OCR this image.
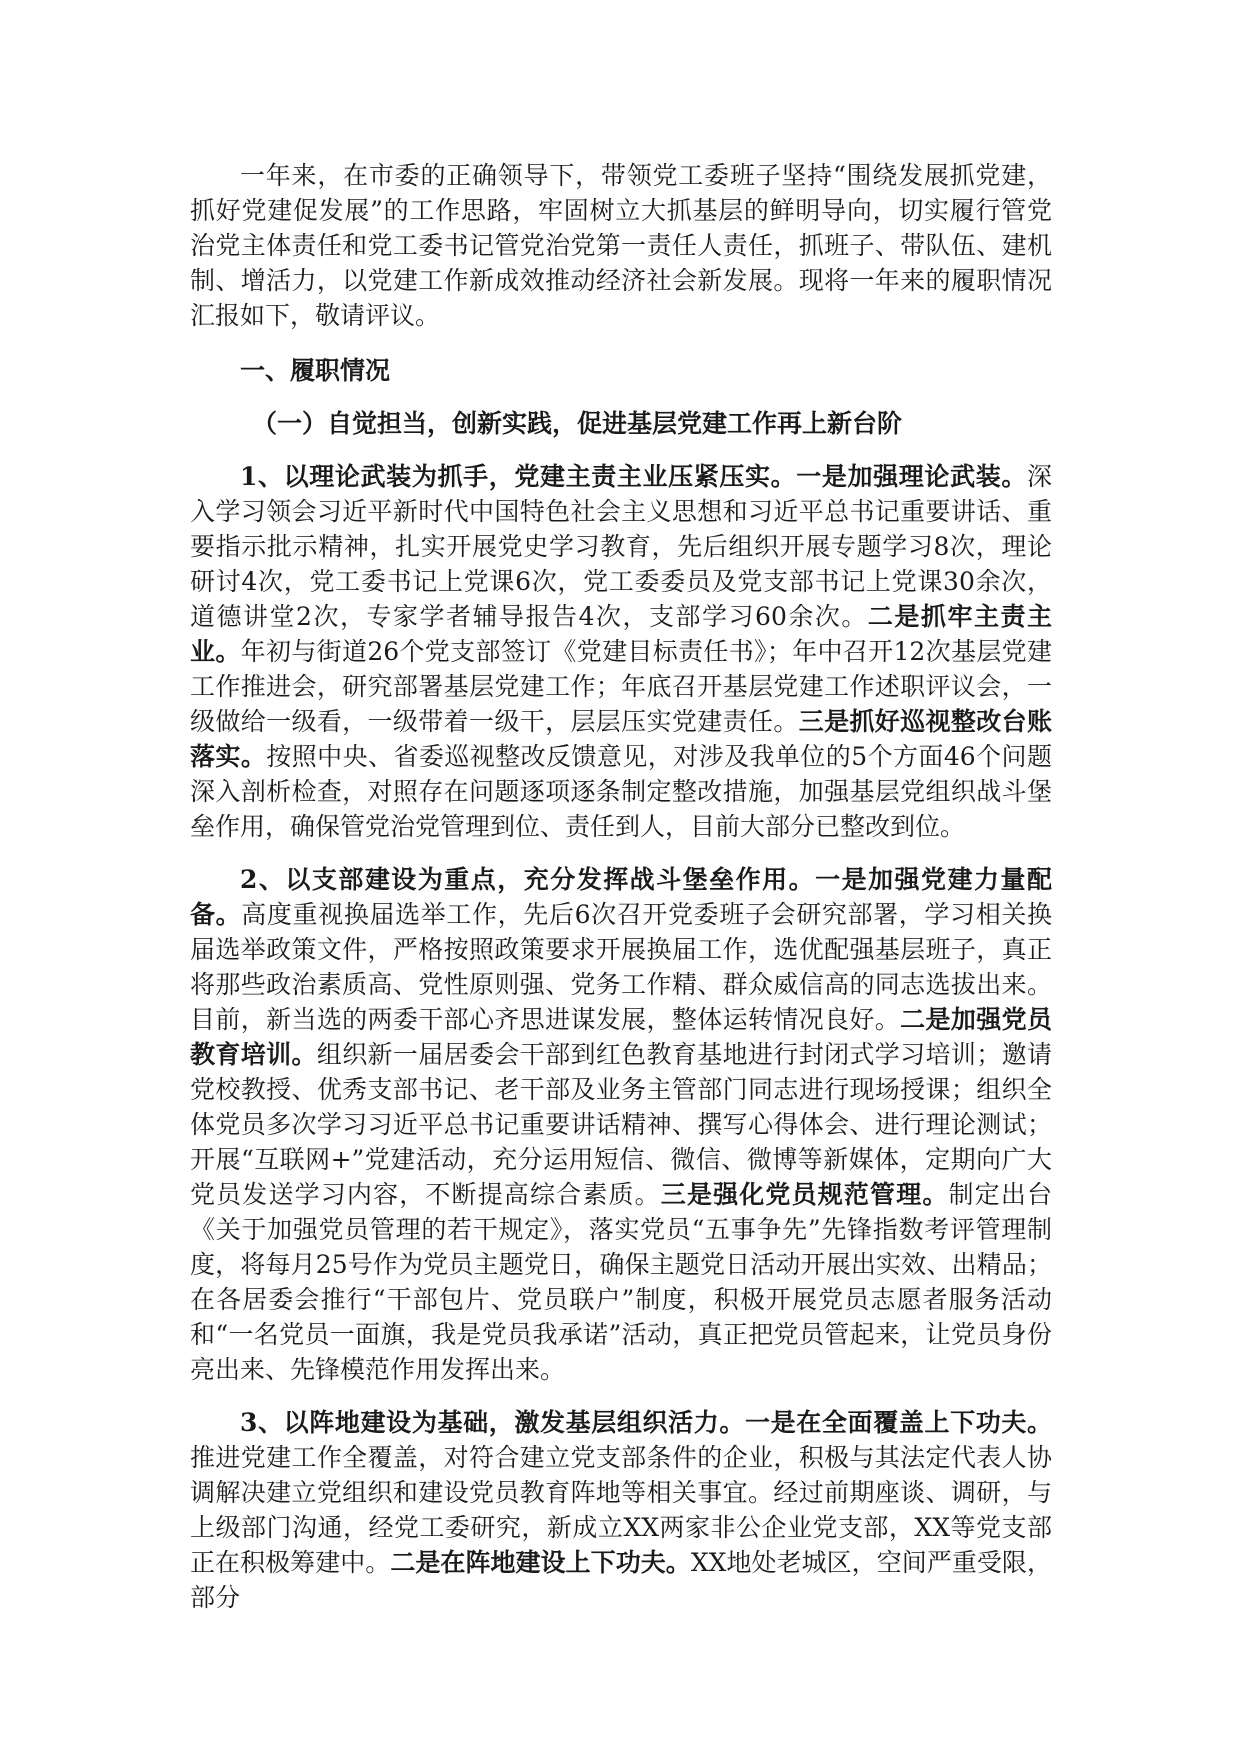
一年来，在市委的正确领导下，带领党工委班子坚持“围绕发展抓党建，抓好党建促发展”的工作思路，牢固树立大抓基层的鲜明导向，切实履行管党治党主体责任和党工委书记管党治党第一责任人责任，抓班子、带队伍、建机制、增活力，以党建工作新成效推动经济社会新发展。现将一年来的履职情况汇报如下，敬请评议。

一、履职情况

（一）自觉担当，创新实践，促进基层党建工作再上新台阶

1、以理论武装为抓手，党建主责主业压紧压实。一是加强理论武装。深入学习领会习近平新时代中国特色社会主义思想和习近平总书记重要讲话、重要指示批示精神，扎实开展党史学习教育，先后组织开展专题学习8次，理论研讨4次，党工委书记上党课6次，党工委委员及党支部书记上党课30余次，道德讲堂2次，专家学者辅导报告4次，支部学习60余次。二是抓牢主责主业。年初与街道26个党支部签订《党建目标责任书》；年中召开12次基层党建工作推进会，研究部署基层党建工作；年底召开基层党建工作述职评议会，一级做给一级看，一级带着一级干，层层压实党建责任。三是抓好巡视整改台账落实。按照中央、省委巡视整改反馈意见，对涉及我单位的5个方面46个问题深入剖析检查，对照存在问题逐项逐条制定整改措施，加强基层党组织战斗堡垒作用，确保管党治党管理到位、责任到人，目前大部分已整改到位。

2、以支部建设为重点，充分发挥战斗堡垒作用。一是加强党建力量配备。高度重视换届选举工作，先后6次召开党委班子会研究部署，学习相关换届选举政策文件，严格按照政策要求开展换届工作，选优配强基层班子，真正将那些政治素质高、党性原则强、党务工作精、群众威信高的同志选拔出来。目前，新当选的两委干部心齐思进谋发展，整体运转情况良好。二是加强党员教育培训。组织新一届居委会干部到红色教育基地进行封闭式学习培训；邀请党校教授、优秀支部书记、老干部及业务主管部门同志进行现场授课；组织全体党员多次学习习近平总书记重要讲话精神、撰写心得体会、进行理论测试；开展“互联网+”党建活动，充分运用短信、微信、微博等新媒体，定期向广大党员发送学习内容，不断提高综合素质。三是强化党员规范管理。制定出台《关于加强党员管理的若干规定》，落实党员“五事争先”先锋指数考评管理制度，将每月25号作为党员主题党日，确保主题党日活动开展出实效、出精品；在各居委会推行“干部包片、党员联户”制度，积极开展党员志愿者服务活动和“一名党员一面旗，我是党员我承诺”活动，真正把党员管起来，让党员身份亮出来、先锋模范作用发挥出来。

3、以阵地建设为基础，激发基层组织活力。一是在全面覆盖上下功夫。推进党建工作全覆盖，对符合建立党支部条件的企业，积极与其法定代表人协调解决建立党组织和建设党员教育阵地等相关事宜。经过前期座谈、调研，与上级部门沟通，经党工委研究，新成立XX两家非公企业党支部，XX等党支部正在积极筹建中。二是在阵地建设上下功夫。XX地处老城区，空间严重受限，部分
